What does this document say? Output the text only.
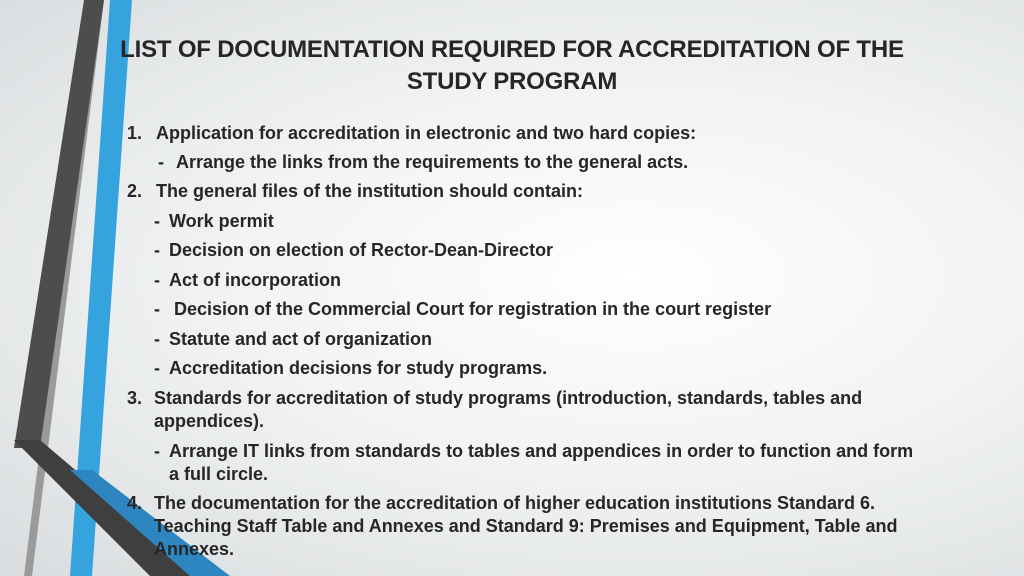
LIST OF DOCUMENTATION REQUIRED FOR ACCREDITATION OF THE
STUDY PROGRAM
1. Application for accreditation in electronic and two hard copies:
- Arrange the links from the requirements to the general acts.
2. The general files of the institution should contain:
- Work permit
- Decision on election of Rector-Dean-Director
- Act of incorporation
- Decision of the Commercial Court for registration in the court register
- Statute and act of organization
- Accreditation decisions for study programs.
3. Standards for accreditation of study programs (introduction, standards, tables and
appendices).
- Arrange IT links from standards to tables and appendices in order to function and form
a full circle.
4. The documentation for the accreditation of higher education institutions Standard 6.
Teaching Staff Table and Annexes and Standard 9: Premises and Equipment, Table and
Annexes.
